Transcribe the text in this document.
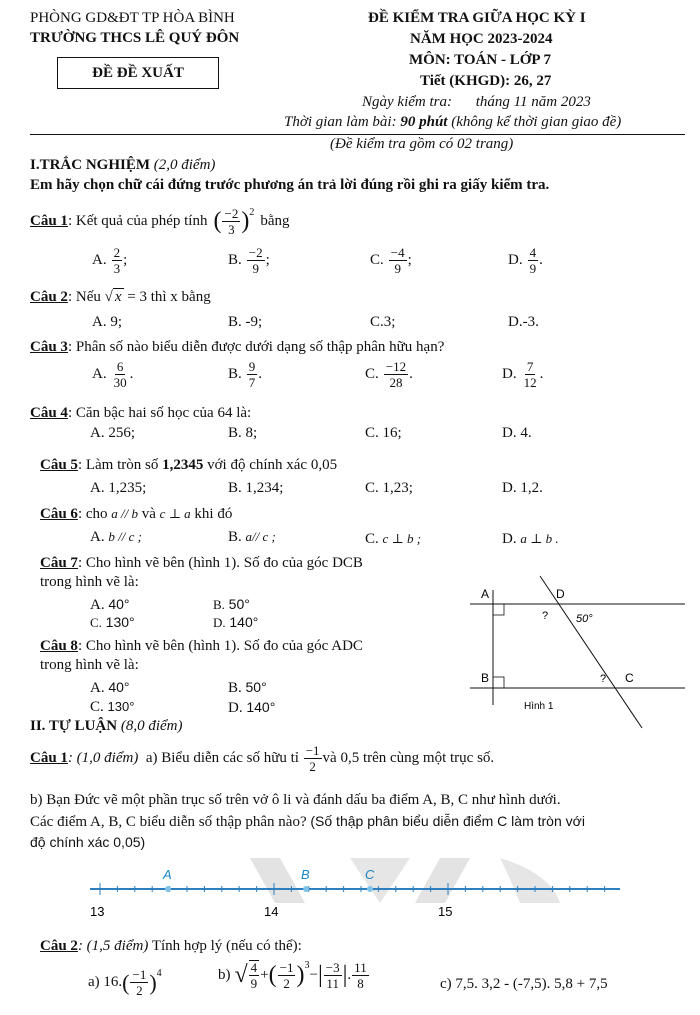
PHÒNG GD&ĐT TP HÒA BÌNH
TRƯỜNG THCS LÊ QUÝ ĐÔN
ĐỀ ĐỀ XUẤT
ĐỀ KIỂM TRA GIỮA HỌC KỲ I
NĂM HỌC 2023-2024
MÔN: TOÁN - LỚP 7
Tiết (KHGD): 26, 27
Ngày kiểm tra: tháng 11 năm 2023
Thời gian làm bài: 90 phút (không kể thời gian giao đề)
(Đề kiểm tra gồm có 02 trang)
I.TRẮC NGHIỆM (2,0 điểm)
Em hãy chọn chữ cái đứng trước phương án trả lời đúng rồi ghi ra giấy kiểm tra.
Câu 1 : Kết quả của phép tính ( $\frac{-2}{3} )^2$
bằng
A. $\frac{2}{3}$ ;	B. $\frac{-2}{9}$ ;	C. $\frac{-4}{9}$ ;	D. $\frac{4}{9}$ .
Câu 2: Nếu √ x = 3 thì x bằng
A. 9;	B. -9;	C.3;	D.-3.
Câu 3: Phân số nào biểu diễn được dưới dạng số thập phân hữu hạn?
A. $\frac{6}{30}$ .	B. $\frac{9}{7}$ .	C. $\frac{-12}{28}$ .	D. $\frac{7}{12}$ .
Câu 4: Căn bậc hai số học của 64 là:
A. 256;	B. 8;	C. 16;	D. 4.
Câu 5: Làm tròn số 1,2345 với độ chính xác 0,05
A. 1,235;	B. 1,234;	C. 1,23;	D. 1,2.
Câu 6: cho a // b và c ⊥ a khi đó
A. b // c ;	B. a// c ;	C. c ⊥ b ;	D. a ⊥ b .
Câu 7: Cho hình vẽ bên (hình 1). Số đo của góc DCB
trong hình vẽ là:
A. 40°	B. 50°
C. 130°	D. 140°
Câu 8: Cho hình vẽ bên (hình 1). Số đo của góc ADC
trong hình vẽ là:
A. 40°	B. 50°
C. 130°	D. 140°
A	D
B	C
?
?
50°
Hình 1
II. TỰ LUẬN (8,0 điểm)
Câu 1 : (1,0 điểm) a) Biểu diễn các số hữu tỉ $\frac{-1}{2}$ và 0,5 trên cùng một trục số.
b) Bạn Đức vẽ một phần trục số trên vở ô li và đánh dấu ba điểm A, B, C như hình dưới.
Các điểm A, B, C biểu diễn số thập phân nào? (Số thập phân biểu diễn điểm C làm tròn với
độ chính xác 0,05)
13	14	15
A	B	C
Câu 2: (1,5 điểm) Tính hợp lý (nếu có thể):
a) 16. ( $\frac{-1}{2} )^4$	b) √ $\frac{4}{9}$ + ( $\frac{-1}{2} )^3$
− | $\frac{-3}{11}$ | . $\frac{11}{8}$	c) 7,5. 3,2 - (-7,5). 5,8 + 7,5
